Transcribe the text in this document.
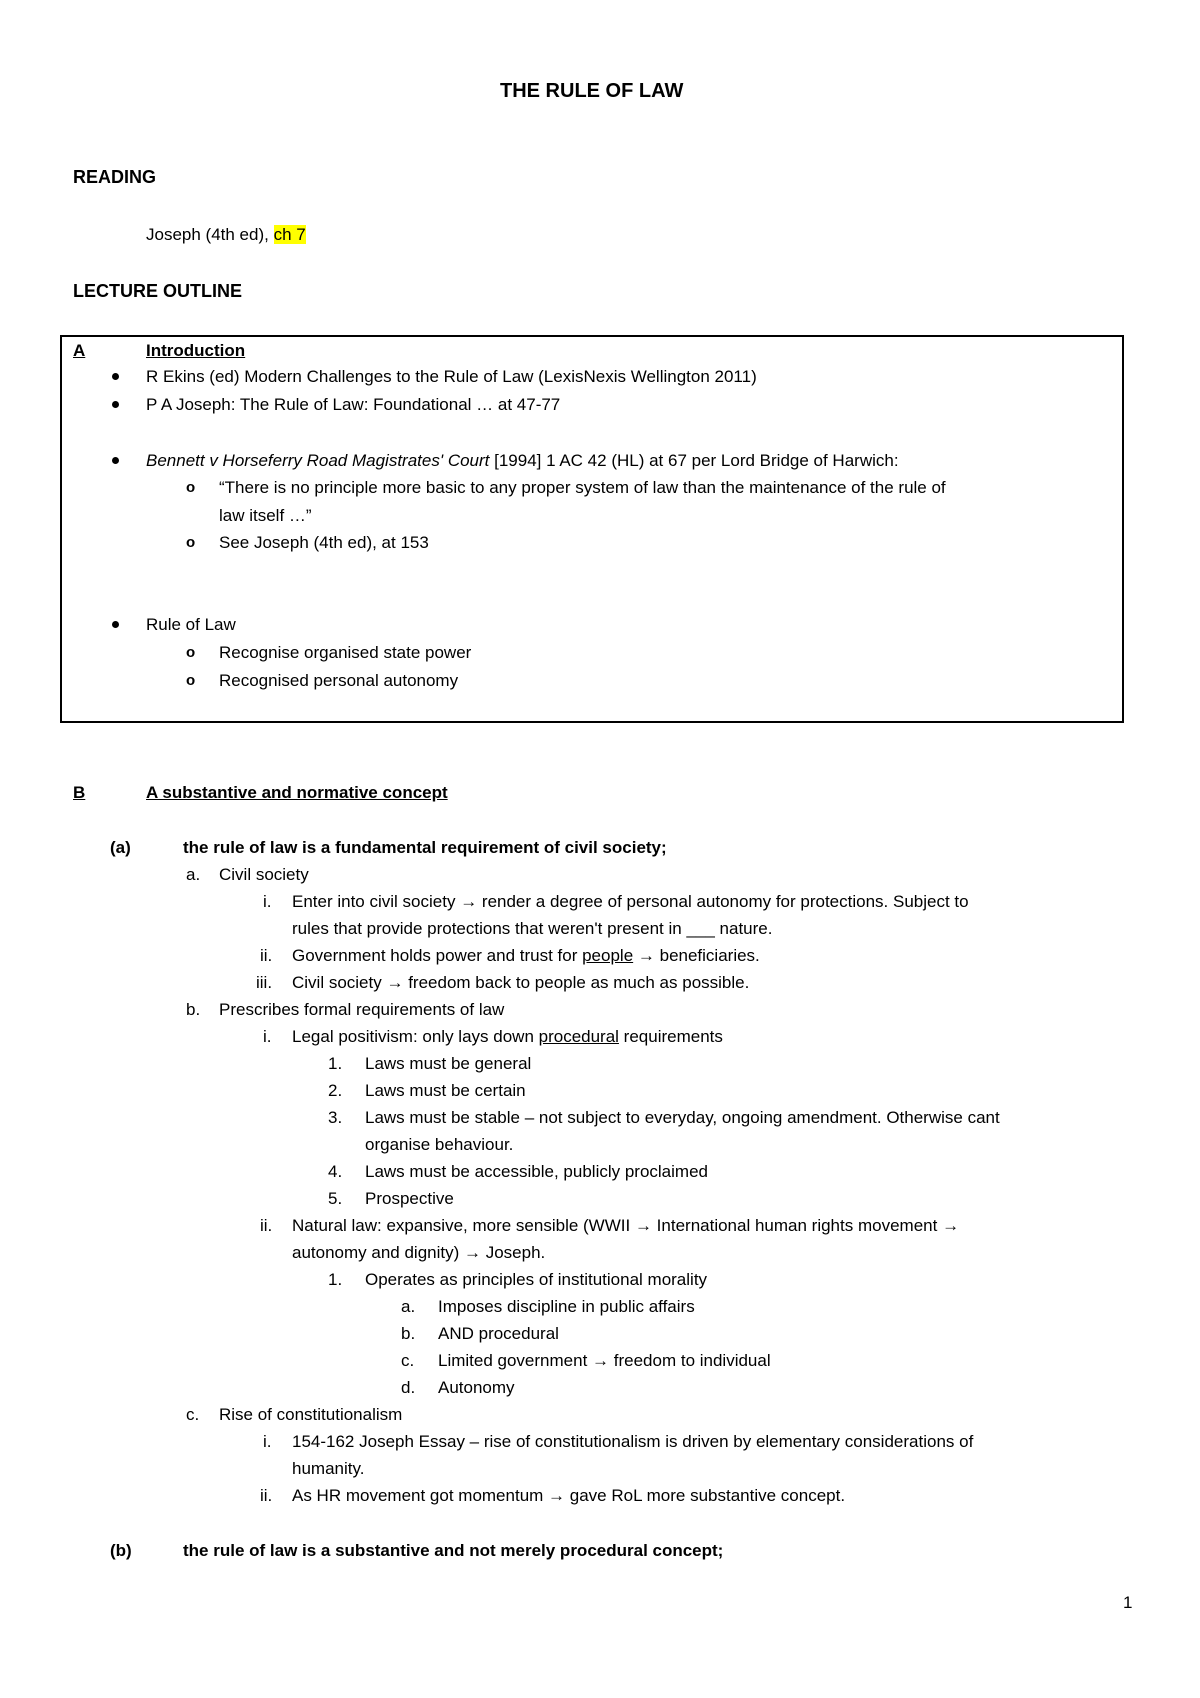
THE RULE OF LAW
READING
Joseph (4th ed), ch 7
LECTURE OUTLINE
A	Introduction
R Ekins (ed) Modern Challenges to the Rule of Law (LexisNexis Wellington 2011)
P A Joseph: The Rule of Law: Foundational … at 47-77
Bennett v Horseferry Road Magistrates' Court [1994] 1 AC 42 (HL) at 67 per Lord Bridge of Harwich:
o “There is no principle more basic to any proper system of law than the maintenance of the rule of
law itself …”
o See Joseph (4th ed), at 153
Rule of Law
o Recognise organised state power
o Recognised personal autonomy
B	A substantive and normative concept
(a)	the rule of law is a fundamental requirement of civil society;
a. Civil society
i. Enter into civil society → render a degree of personal autonomy for protections. Subject to
rules that provide protections that weren't present in ___ nature.
ii. Government holds power and trust for people → beneficiaries.
iii. Civil society → freedom back to people as much as possible.
b. Prescribes formal requirements of law
i. Legal positivism: only lays down procedural requirements
1. Laws must be general
2. Laws must be certain
3. Laws must be stable – not subject to everyday, ongoing amendment. Otherwise cant
organise behaviour.
4. Laws must be accessible, publicly proclaimed
5. Prospective
ii. Natural law: expansive, more sensible (WWII → International human rights movement →
autonomy and dignity) → Joseph.
1. Operates as principles of institutional morality
a. Imposes discipline in public affairs
b. AND procedural
c. Limited government → freedom to individual
d. Autonomy
c. Rise of constitutionalism
i. 154-162 Joseph Essay – rise of constitutionalism is driven by elementary considerations of
humanity.
ii. As HR movement got momentum → gave RoL more substantive concept.
(b)	the rule of law is a substantive and not merely procedural concept;
1
